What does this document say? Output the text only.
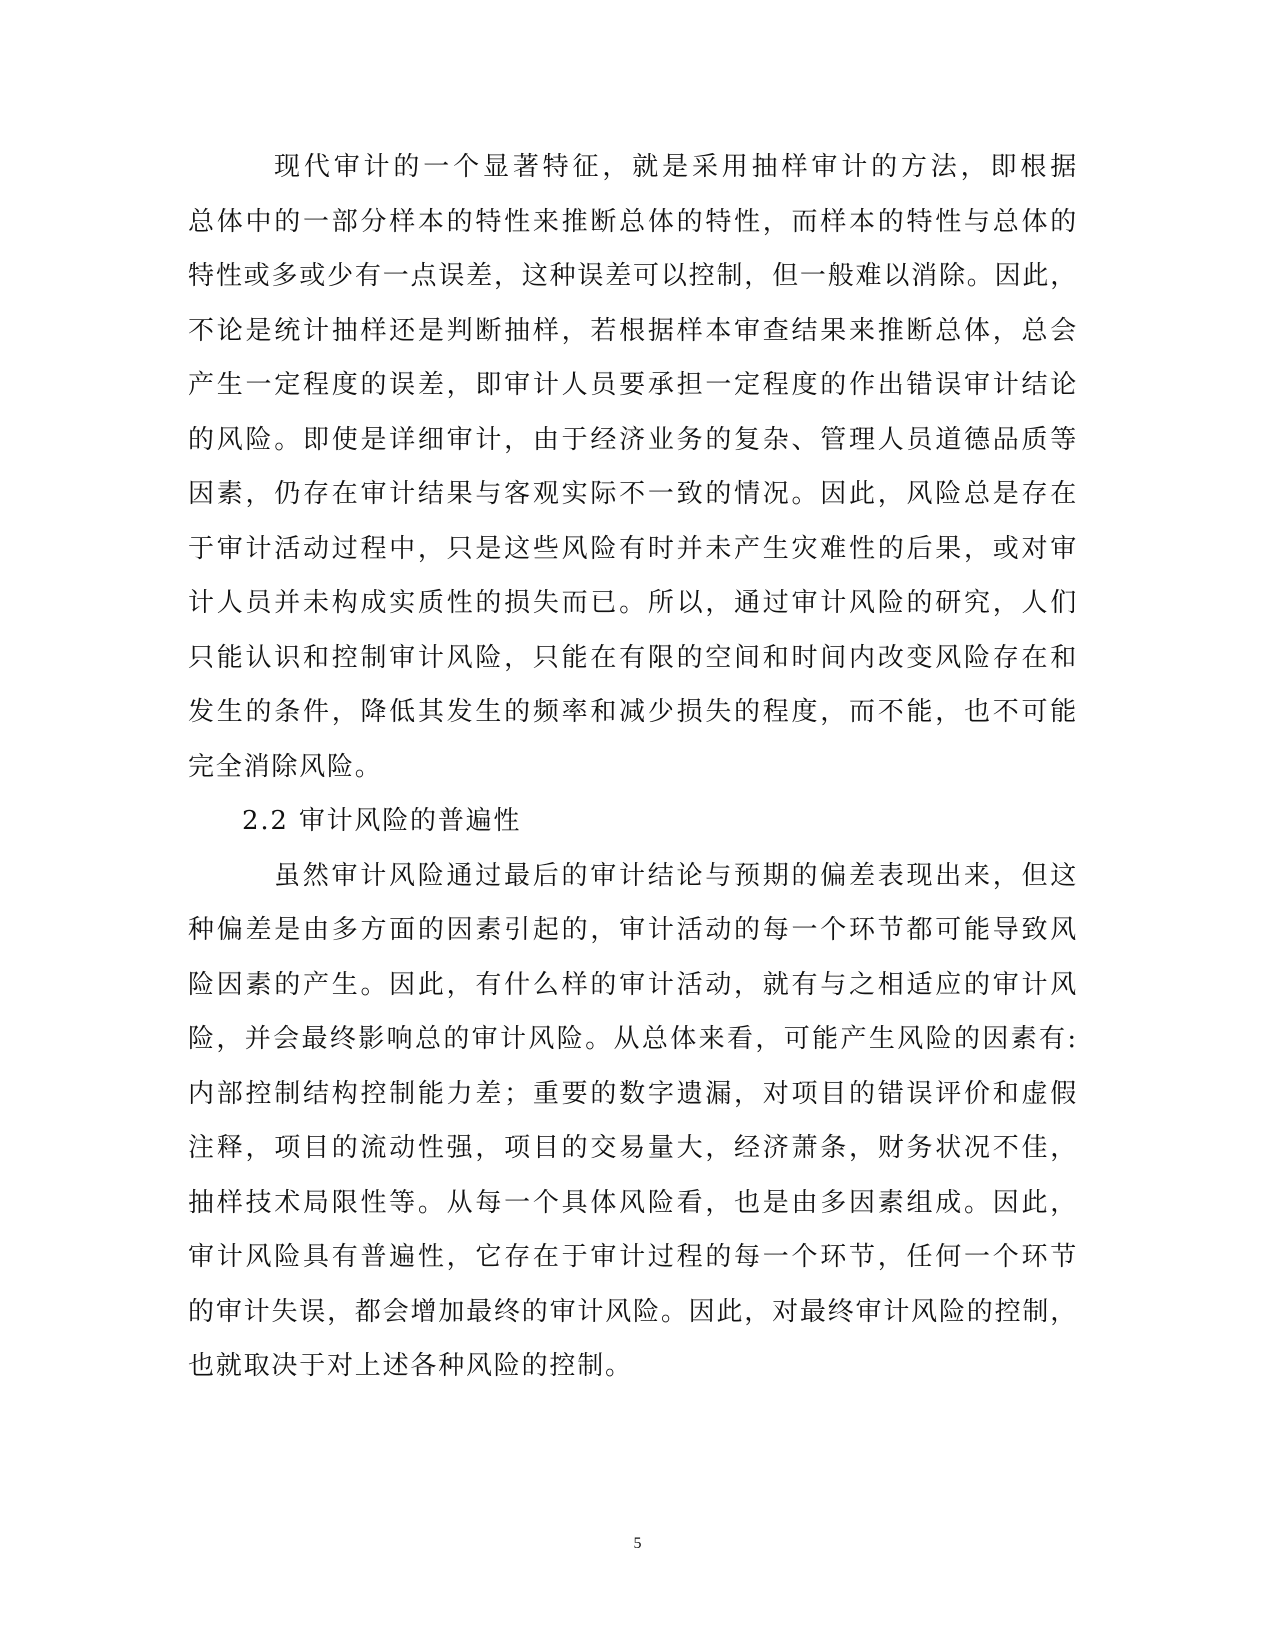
现代审计的一个显著特征，就是采用抽样审计的方法，即根据
总体中的一部分样本的特性来推断总体的特性，而样本的特性与总体的
特性或多或少有一点误差，这种误差可以控制，但一般难以消除。因此，
不论是统计抽样还是判断抽样，若根据样本审查结果来推断总体，总会
产生一定程度的误差，即审计人员要承担一定程度的作出错误审计结论
的风险。即使是详细审计，由于经济业务的复杂、管理人员道德品质等
因素，仍存在审计结果与客观实际不一致的情况。因此，风险总是存在
于审计活动过程中，只是这些风险有时并未产生灾难性的后果，或对审
计人员并未构成实质性的损失而已。所以，通过审计风险的研究，人们
只能认识和控制审计风险，只能在有限的空间和时间内改变风险存在和
发生的条件，降低其发生的频率和减少损失的程度，而不能，也不可能
完全消除风险。
2.2 审计风险的普遍性
虽然审计风险通过最后的审计结论与预期的偏差表现出来，但这
种偏差是由多方面的因素引起的，审计活动的每一个环节都可能导致风
险因素的产生。因此，有什么样的审计活动，就有与之相适应的审计风
险，并会最终影响总的审计风险。从总体来看，可能产生风险的因素有:
内部控制结构控制能力差；重要的数字遗漏，对项目的错误评价和虚假
注释，项目的流动性强，项目的交易量大，经济萧条，财务状况不佳，
抽样技术局限性等。从每一个具体风险看，也是由多因素组成。因此，
审计风险具有普遍性，它存在于审计过程的每一个环节，任何一个环节
的审计失误，都会增加最终的审计风险。因此，对最终审计风险的控制，
也就取决于对上述各种风险的控制。
5
